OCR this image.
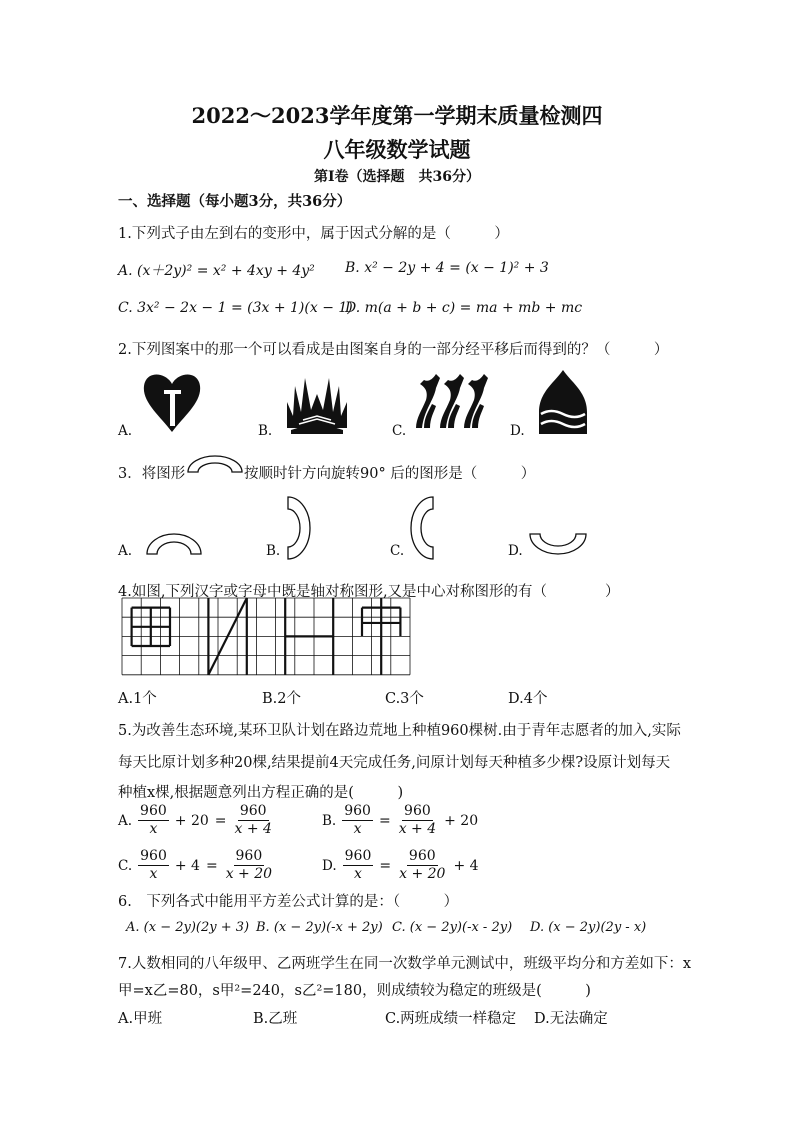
2022～2023学年度第一学期末质量检测四
八年级数学试题
第Ⅰ卷（选择题　共36分）
一、选择题（每小题3分，共36分）
1.下列式子由左到右的变形中，属于因式分解的是（　　　）
A. (x＋2y)² = x² + 4xy + 4y² B. x² − 2y + 4 = (x − 1)² + 3
C. 3x² − 2x − 1 = (3x + 1)(x − 1)
D. m(a + b + c) = ma + mb + mc
2.下列图案中的那一个可以看成是由图案自身的一部分经平移后而得到的？（　　　）
A.	B.	C.	D.
3．将图形	按顺时针方向旋转90° 后的图形是（　　　）
A.	B.	C.	D.
4.如图,下列汉字或字母中既是轴对称图形,又是中心对称图形的有（　　　　）
A.1个	B.2个	C.3个	D.4个
5.为改善生态环境,某环卫队计划在路边荒地上种植960棵树.由于青年志愿者的加入,实际
每天比原计划多种20棵,结果提前4天完成任务,问原计划每天种植多少棵?设原计划每天
种植x棵,根据题意列出方程正确的是(　　　)
A. $\frac{960}{x} + 20 = \frac{960}{x + 4}$	B. $\frac{960}{x} = \frac{960}{x + 4} + 20$
C. $\frac{960}{x} + 4 = \frac{960}{x + 20}$	D. $\frac{960}{x} = \frac{960}{x + 20} + 4$
6.　下列各式中能用平方差公式计算的是：（　　　）
A. (x − 2y)(2y + 3) B. (x − 2y)(-x + 2y) C. (x − 2y)(-x - 2y) D. (x − 2y)(2y - x)
7.人数相同的八年级甲、乙两班学生在同一次数学单元测试中，班级平均分和方差如下：x
甲=x乙=80，s甲²=240，s乙²=180，则成绩较为稳定的班级是(　　　)
A.甲班	B.乙班	C.两班成绩一样稳定 D.无法确定
